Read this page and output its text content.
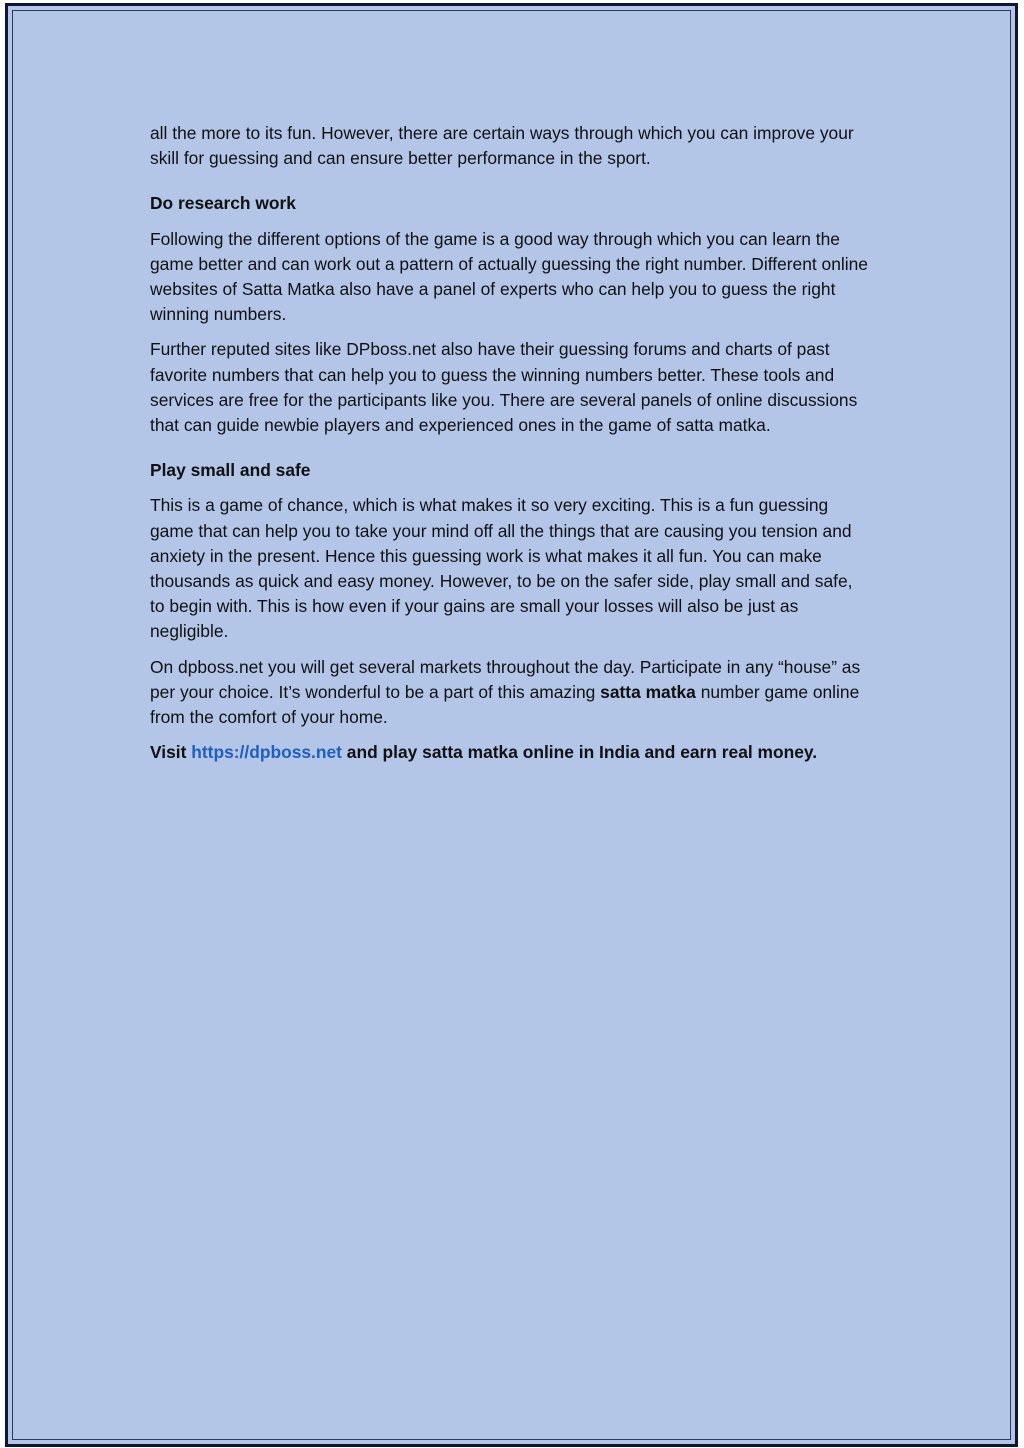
all the more to its fun. However, there are certain ways through which you can improve your skill for guessing and can ensure better performance in the sport.

Do research work

Following the different options of the game is a good way through which you can learn the game better and can work out a pattern of actually guessing the right number. Different online websites of Satta Matka also have a panel of experts who can help you to guess the right winning numbers.

Further reputed sites like DPboss.net also have their guessing forums and charts of past favorite numbers that can help you to guess the winning numbers better. These tools and services are free for the participants like you. There are several panels of online discussions that can guide newbie players and experienced ones in the game of satta matka.

Play small and safe

This is a game of chance, which is what makes it so very exciting. This is a fun guessing game that can help you to take your mind off all the things that are causing you tension and anxiety in the present. Hence this guessing work is what makes it all fun. You can make thousands as quick and easy money. However, to be on the safer side, play small and safe, to begin with. This is how even if your gains are small your losses will also be just as negligible.

On dpboss.net you will get several markets throughout the day. Participate in any “house” as per your choice. It’s wonderful to be a part of this amazing satta matka number game online from the comfort of your home.

Visit https://dpboss.net and play satta matka online in India and earn real money.
